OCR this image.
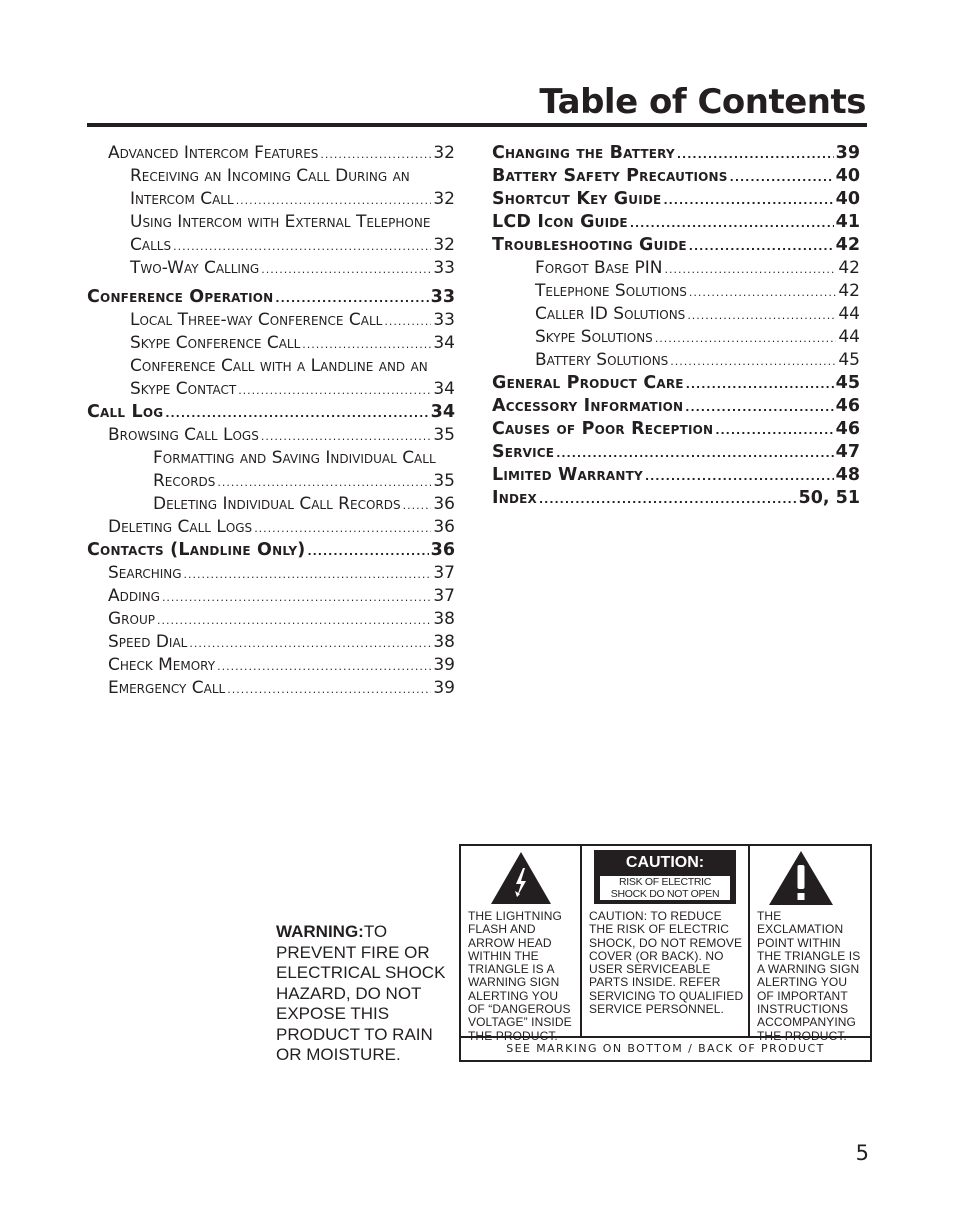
Table of Contents
Advanced Intercom Features .....	32
Receiving an Incoming Call During an
Intercom Call .....	32
Using Intercom with External Telephone
Calls .....	32
Two-Way Calling .....	33
Conference Operation .....	33
Local Three-way Conference Call .....	33
Skype Conference Call .....	34
Conference Call with a Landline and an
Skype Contact .....	34
Call Log .....	34
Browsing Call Logs .....	35
Formatting and Saving Individual Call
Records .....	35
Deleting Individual Call Records ..... 36
Deleting Call Logs .....	36
Contacts (Landline Only) .....	36
Searching .....	37
Adding .....	37
Group .....	38
Speed Dial .....	38
Check Memory .....	39
Emergency Call .....	39
Changing the Battery .....	39
Battery Safety Precautions .....	40
Shortcut Key Guide .....	40
LCD Icon Guide .....	41
Troubleshooting Guide .....	42
Forgot Base PIN .....	42
Telephone Solutions .....	42
Caller ID Solutions .....	44
Skype Solutions .....	44
Battery Solutions .....	45
General Product Care .....	45
Accessory Information .....	46
Causes of Poor Reception .....	46
Service .....	47
Limited Warranty .....	48
Index .....	50, 51
WARNING:TO PREVENT FIRE OR ELECTRICAL SHOCK HAZARD, DO NOT EXPOSE THIS PRODUCT TO RAIN OR MOISTURE.
THE LIGHTNING FLASH AND ARROW HEAD WITHIN THE TRIANGLE IS A WARNING SIGN ALERTING YOU OF “DANGEROUS VOLTAGE” INSIDE THE PRODUCT.
CAUTION:
RISK OF ELECTRIC SHOCK DO NOT OPEN
CAUTION: TO REDUCE THE RISK OF ELECTRIC SHOCK, DO NOT REMOVE COVER (OR BACK). NO USER SERVICEABLE PARTS INSIDE. REFER SERVICING TO QUALIFIED SERVICE PERSONNEL.
THE EXCLAMATION POINT WITHIN THE TRIANGLE IS A WARNING SIGN ALERTING YOU OF IMPORTANT INSTRUCTIONS ACCOMPANYING THE PRODUCT.
SEE MARKING ON BOTTOM / BACK OF PRODUCT
5
